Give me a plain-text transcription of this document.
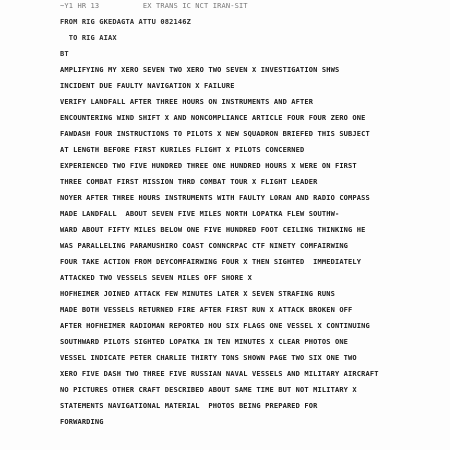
~Y1 HR 13          EX TRANS IC NCT IRAN-SIT
FROM RIG GKEDAGTA ATTU 082146Z
TO RIG AIAX
BT
AMPLIFYING MY XERO SEVEN TWO XERO TWO SEVEN X INVESTIGATION SHWS
INCIDENT DUE FAULTY NAVIGATION X FAILURE
VERIFY LANDFALL AFTER THREE HOURS ON INSTRUMENTS AND AFTER
ENCOUNTERING WIND SHIFT X AND NONCOMPLIANCE ARTICLE FOUR FOUR ZERO ONE
FAWDASH FOUR INSTRUCTIONS TO PILOTS X NEW SQUADRON BRIEFED THIS SUBJECT
AT LENGTH BEFORE FIRST KURILES FLIGHT X PILOTS CONCERNED
EXPERIENCED TWO FIVE HUNDRED THREE ONE HUNDRED HOURS X WERE ON FIRST
THREE COMBAT FIRST MISSION THRD COMBAT TOUR X FLIGHT LEADER
NOYER AFTER THREE HOURS INSTRUMENTS WITH FAULTY LORAN AND RADIO COMPASS
MADE LANDFALL  ABOUT SEVEN FIVE MILES NORTH LOPATKA FLEW SOUTHW-
WARD ABOUT FIFTY MILES BELOW ONE FIVE HUNDRED FOOT CEILING THINKING HE
WAS PARALLELING PARAMUSHIRO COAST CONNCRPAC CTF NINETY COMFAIRWING
FOUR TAKE ACTION FROM DEYCOMFAIRWING FOUR X THEN SIGHTED  IMMEDIATELY
ATTACKED TWO VESSELS SEVEN MILES OFF SHORE X
HOFHEIMER JOINED ATTACK FEW MINUTES LATER X SEVEN STRAFING RUNS
MADE BOTH VESSELS RETURNED FIRE AFTER FIRST RUN X ATTACK BROKEN OFF
AFTER HOFHEIMER RADIOMAN REPORTED HOU SIX FLAGS ONE VESSEL X CONTINUING
SOUTHWARD PILOTS SIGHTED LOPATKA IN TEN MINUTES X CLEAR PHOTOS ONE
VESSEL INDICATE PETER CHARLIE THIRTY TONS SHOWN PAGE TWO SIX ONE TWO
XERO FIVE DASH TWO THREE FIVE RUSSIAN NAVAL VESSELS AND MILITARY AIRCRAFT
NO PICTURES OTHER CRAFT DESCRIBED ABOUT SAME TIME BUT NOT MILITARY X
STATEMENTS NAVIGATIONAL MATERIAL  PHOTOS BEING PREPARED FOR
FORWARDING
